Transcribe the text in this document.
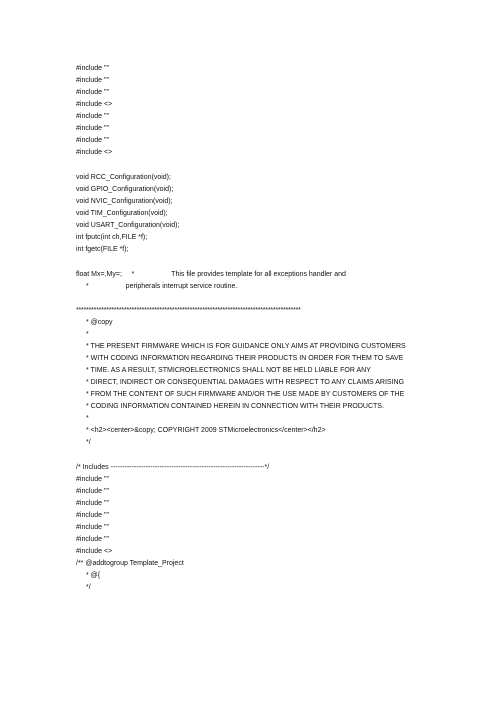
#include ""
#include ""
#include ""
#include <>
#include ""
#include ""
#include ""
#include <>
void RCC_Configuration(void);
void GPIO_Configuration(void);
void NVIC_Configuration(void);
void TIM_Configuration(void);
void USART_Configuration(void);
int fputc(int ch,FILE *f);
int fgetc(FILE *f);
float Mx=,My=;     *                   This file provides template for all exceptions handler and
*                   peripherals interrupt service routine.
*****************************************************************************************
* @copy
*
* THE PRESENT FIRMWARE WHICH IS FOR GUIDANCE ONLY AIMS AT PROVIDING CUSTOMERS
* WITH CODING INFORMATION REGARDING THEIR PRODUCTS IN ORDER FOR THEM TO SAVE
* TIME. AS A RESULT, STMICROELECTRONICS SHALL NOT BE HELD LIABLE FOR ANY
* DIRECT, INDIRECT OR CONSEQUENTIAL DAMAGES WITH RESPECT TO ANY CLAIMS ARISING
* FROM THE CONTENT OF SUCH FIRMWARE AND/OR THE USE MADE BY CUSTOMERS OF THE
* CODING INFORMATION CONTAINED HEREIN IN CONNECTION WITH THEIR PRODUCTS.
*
* <h2><center>&copy; COPYRIGHT 2009 STMicroelectronics</center></h2>
*/
/* Includes ------------------------------------------------------------------*/
#include ""
#include ""
#include ""
#include ""
#include ""
#include ""
#include <>
/** @addtogroup Template_Project
* @{
*/
